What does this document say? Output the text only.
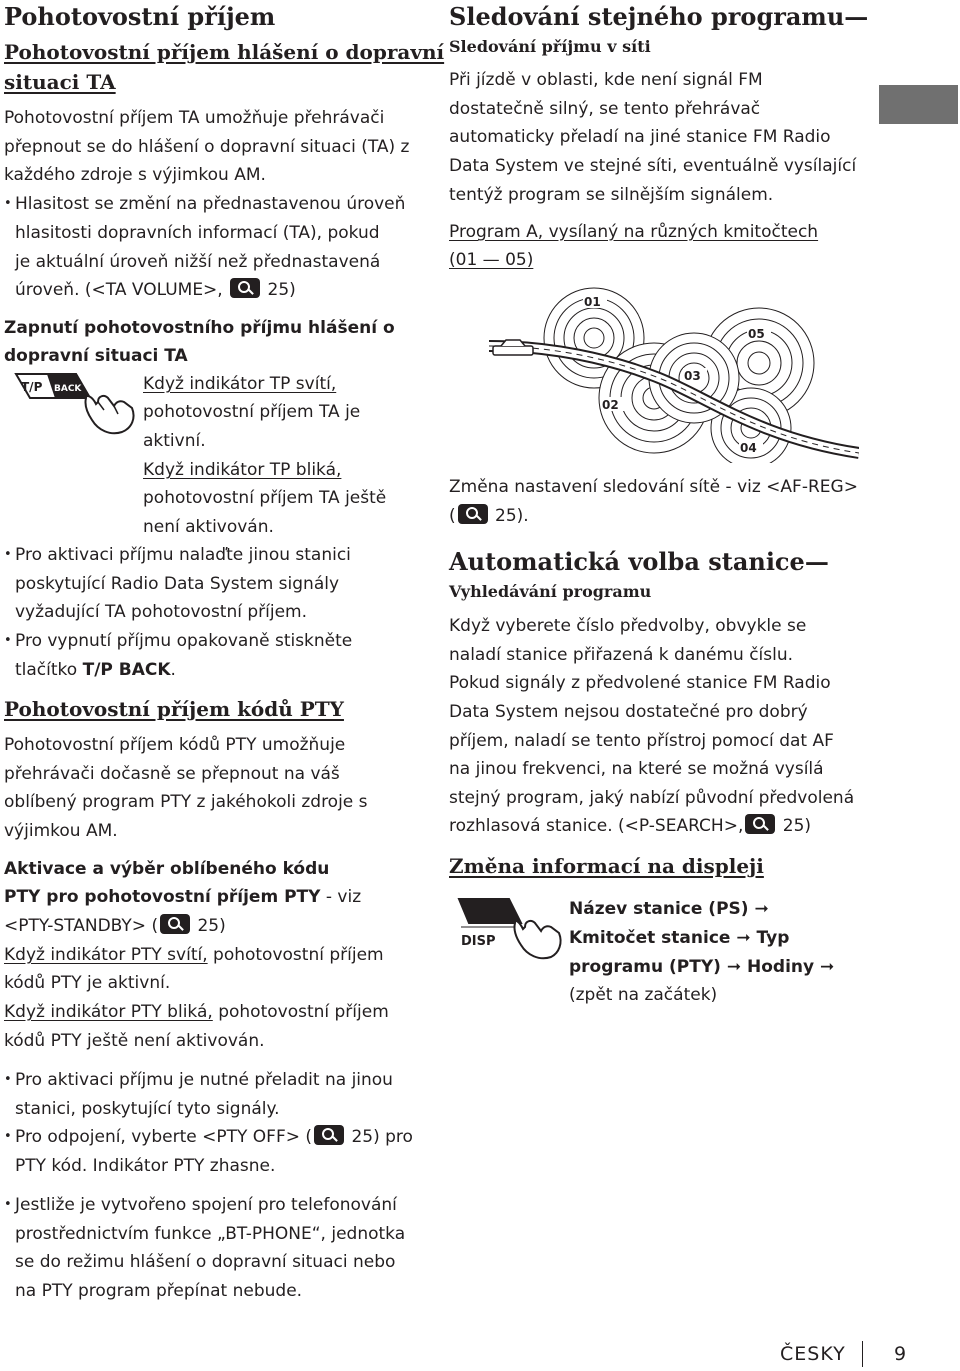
Pohotovostní příjem
Pohotovostní příjem hlášení o dopravní
situaci TA
Pohotovostní příjem TA umožňuje přehrávači
přepnout se do hlášení o dopravní situaci (TA) z
každého zdroje s výjimkou AM.
• Hlasitost se změní na přednastavenou úroveň
hlasitosti dopravních informací (TA), pokud
je aktuální úroveň nižší než přednastavená
úroveň. (<TA VOLUME>,	25)
Zapnutí pohotovostního příjmu hlášení o
dopravní situaci TA
T/P BACK	Když indikátor TP svítí,
pohotovostní příjem TA je
aktivní.
Když indikátor TP bliká,
pohotovostní příjem TA ještě
není aktivován.
• Pro aktivaci příjmu nalaďte jinou stanici
poskytující Radio Data System signály
vyžadující TA pohotovostní příjem.
• Pro vypnutí příjmu opakovaně stiskněte
tlačítko T/P BACK.
Pohotovostní příjem kódů PTY
Pohotovostní příjem kódů PTY umožňuje
přehrávači dočasně se přepnout na váš
oblíbený program PTY z jakéhokoli zdroje s
výjimkou AM.
Aktivace a výběr oblíbeného kódu
PTY pro pohotovostní příjem PTY - viz
<PTY-STANDBY> ( 25)
Když indikátor PTY svítí, pohotovostní příjem
kódů PTY je aktivní.
Když indikátor PTY bliká, pohotovostní příjem
kódů PTY ještě není aktivován.
• Pro aktivaci příjmu je nutné přeladit na jinou
stanici, poskytující tyto signály.
• Pro odpojení, vyberte <PTY OFF> ( 25) pro
PTY kód. Indikátor PTY zhasne.
• Jestliže je vytvořeno spojení pro telefonování
prostřednictvím funkce „BT-PHONE“, jednotka
se do režimu hlášení o dopravní situaci nebo
na PTY program přepínat nebude.
Sledování stejného programu—
Sledování příjmu v síti
Při jízdě v oblasti, kde není signál FM
dostatečně silný, se tento přehrávač
automaticky přeladí na jiné stanice FM Radio
Data System ve stejné síti, eventuálně vysílající
tentýž program se silnějším signálem.
Program A, vysílaný na různých kmitočtech
(01 — 05)
01
05
03
02
04
Změna nastavení sledování sítě - viz <AF-REG>
( 25).
Automatická volba stanice—
Vyhledávání programu
Když vyberete číslo předvolby, obvykle se
naladí stanice přiřazená k danému číslu.
Pokud signály z předvolené stanice FM Radio
Data System nejsou dostatečné pro dobrý
příjem, naladí se tento přístroj pomocí dat AF
na jinou frekvenci, na které se možná vysílá
stejný program, jaký nabízí původní předvolená
rozhlasová stanice. (<P-SEARCH>, 25)
Změna informací na displeji
DISP
Název stanice (PS) ➞
Kmitočet stanice ➞ Typ
programu (PTY) ➞ Hodiny ➞
(zpět na začátek)
ČESKY	9
